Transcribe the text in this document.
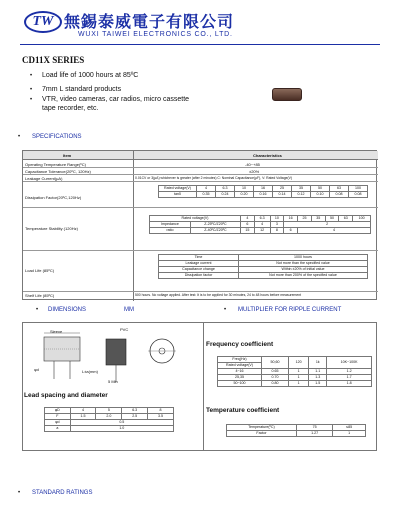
TW 無錫泰威電子有限公司
WUXI TAIWEI ELECTRONICS CO., LTD.
CD11X SERIES
• Load life of 1000 hours at 85ºC
• 7mm L standard products
• VTR, video cameras, car radios, micro cassette
tape recorder, etc.
• SPECIFICATIONS
Item	Characteristics
Operating Temperature Range(ºC)	-40~+85
Capacitance Tolerance(20ºC, 120Hz)	±20%
Leakage Current(μA)	0.01CV or 3(μA) whichever is greater (after 2 minutes) C: Nominal Capacitance(μF), V: Rated Voltage(V)
Dissipation Factor(20ºC,120Hz)
Rated voltage(V)	4	6.3	10	16	25	35	50	63	100
tanδ	0.35	0.24	0.20	0.16	0.14	0.12	0.10	0.08	0.08
Temperature Stability (120Hz)
Rated voltage(V)		4	6.3	10	16	25	35	50	63	100
Impedance	Z-25ºC/Z20ºC	6	4	3	2					
ratio	Z-40ºC/Z20ºC	15	12	8	6	4				
Load Life (85ºC)
Time	1000 hours
Leakage current	Not more than the specified value
Capacitance change	Within ±20% of initial value
Dissipation factor	Not more than 200% of the specified value
Shelf Life (85ºC)	500 hours. No voltage applied. After test: It is to be applied for 30 minutes, 24 to 48 hours before measurement
• DIMENSIONS	MM	• MULTIPLIER FOR RIPPLE CURRENT
Sleeve	PVC
φd	L±a(mm)
5 Min
Lead spacing and diameter
φD	4	5	6.3	8
F	1.5	2.0	2.5	3.5
φd	0.5			
a	1.0			
Frequency coefficient
Freq(Hz)	50,60	120	1k	10K~100K
Rated voltage(V)				
4~16	0.65	1	1.1	1.2
25,35	0.70	1	1.3	1.7
50~100	0.80	1	1.5	1.8
Temperature coefficient
Temperature(ºC)	75	≤85
Factor	1.27	1
• STANDARD RATINGS
